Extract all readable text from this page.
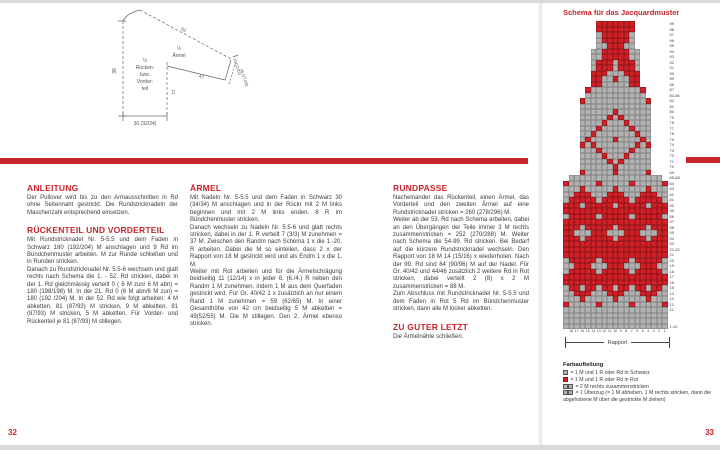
38
30 (32/34)
21
½
Rücken-
bzw.
Vorder-
teil
½
Ärmel
62
42
10 (11/11)
26 (27/28)
ANLEITUNG

Der Pullover wird bis zu den Armausschnitten in Rd ohne Seitennaht gestrickt. Die Rundstricknadeln der Maschenzahl entsprechend einsetzen.

RÜCKENTEIL UND VORDERTEIL

Mit Rundstricknadel Nr. 5-5.5 und dem Faden in Schwarz 180 (192/204) M anschlagen und 9 Rd im Bündchenmuster arbeiten. M zur Runde schließen und in Runden stricken.

Danach zu Rundstricknadel Nr. 5.5-6 wechseln und glatt rechts nach Schema die 1. - 52. Rd stricken, dabei in der 1. Rd gleichmässig verteilt 0 ( 6 M zun/ 6 M abn) = 180 (198/198) M. In der 21. Rd 0 (6 M abn/6 M zun) = 180 (192 /204) M. In der 52. Rd wie folgt arbeiten: 4 M abketten, 81 (87/93) M stricken, 9 M abketten, 81 (87/93) M stricken, 5 M abketten. Für Vorder- und Rückenteil je 81 (87/93) M stillegen.

ÄRMEL

Mit Nadeln Nr. 5-5.5 und dem Faden in Schwarz 30 (34/34) M anschlagen und in der Rückr mit 2 M links beginnen und mit 2 M links enden. 8 R im Bündchenmuster stricken.

Danach wechseln zu Nadeln Nr. 5.5-6 und glatt rechts stricken, dabei in der 1. R verteilt 7 (3/3) M zunehmen = 37 M. Zwischen den Randm nach Schema 1 x die 1.-20. R arbeiten. Dabei die M so einteilen, dass 2 x der Rapport von 18 M gestrickt wird und als Endm 1 x die 1. M.

Weiter mit Rot arbeiten und für die Ärmelschrägung beidseitig 11 (12/14) x in jeder 6. (6./4.) R neben den Randm 1 M zunehmen, indem 1 M aus dem Querfaden gestrickt wird. Für Gr. 40/42 1 x zusätzlich an nur einem Rand 1 M zunehmen = 59 (62/65) M. In einer Gesamthöhe von 42 cm beidseitig 5 M abketten = 49(52/55) M. Die M stillegen. Den 2. Ärmel ebenso stricken.

RUNDPASSE

Nacheinander das Rückenteil, einen Ärmel, das Vorderteil und den zweiten Ärmel auf eine Rundstricknadel stricken = 260 (278/296) M.

Weiter ab der 53. Rd nach Schema arbeiten, dabei an den Übergängen der Teile immer 3 M rechts zusammenstricken = 252 (270/288) M. Weiter nach Schema die 54-99. Rd stricken. Bei Bedarf auf die kürzere Rundstricknadel wechseln. Den Rapport von 18 M 14 (15/16) x wiederholen. Nach der 99. Rd sind 84 (90/96) M auf der Nadel. Für Gr. 40/42 und 44/46 zusätzlich 2 weitere Rd in Rot stricken, dabei verteilt 2 (8) x 2 M zusammenstricken = 88 M.

Zum Abschluss mit Rundstricknadel Nr. 5-5.5 und dem Faden in Rot 5 Rd im Bündchenmuster stricken, dann alle M locker abketten.

ZU GUTER LETZT

Die Ärmelnähte schließen.

Schema für das Jacquardmuster
99
98
97
96
95
94
93
92
91
90
89
88
87
83-86
82
81
80
79
78
77
76
75
74
73
72
71
70
69
65-68
64
63
62
61
60
59
58
57
56
55
54
53
22-52
21
20
19
18
17
16
15
14
13
12
11
1-10
18 17 16 15 14 13 12 11 10 9	8	7	6	5	4	3	2	1
Rapport
Farbaufteilung
= 1 M und 1 R oder Rd in Schwarz
= 1 M und 1 R oder Rd in Rot
= 2 M rechts zusammenstricken
= 1 Überzug (= 1 M abheben, 1 M rechts stricken, dann die abgehobene M über die gestrickte M ziehen)
32	33
